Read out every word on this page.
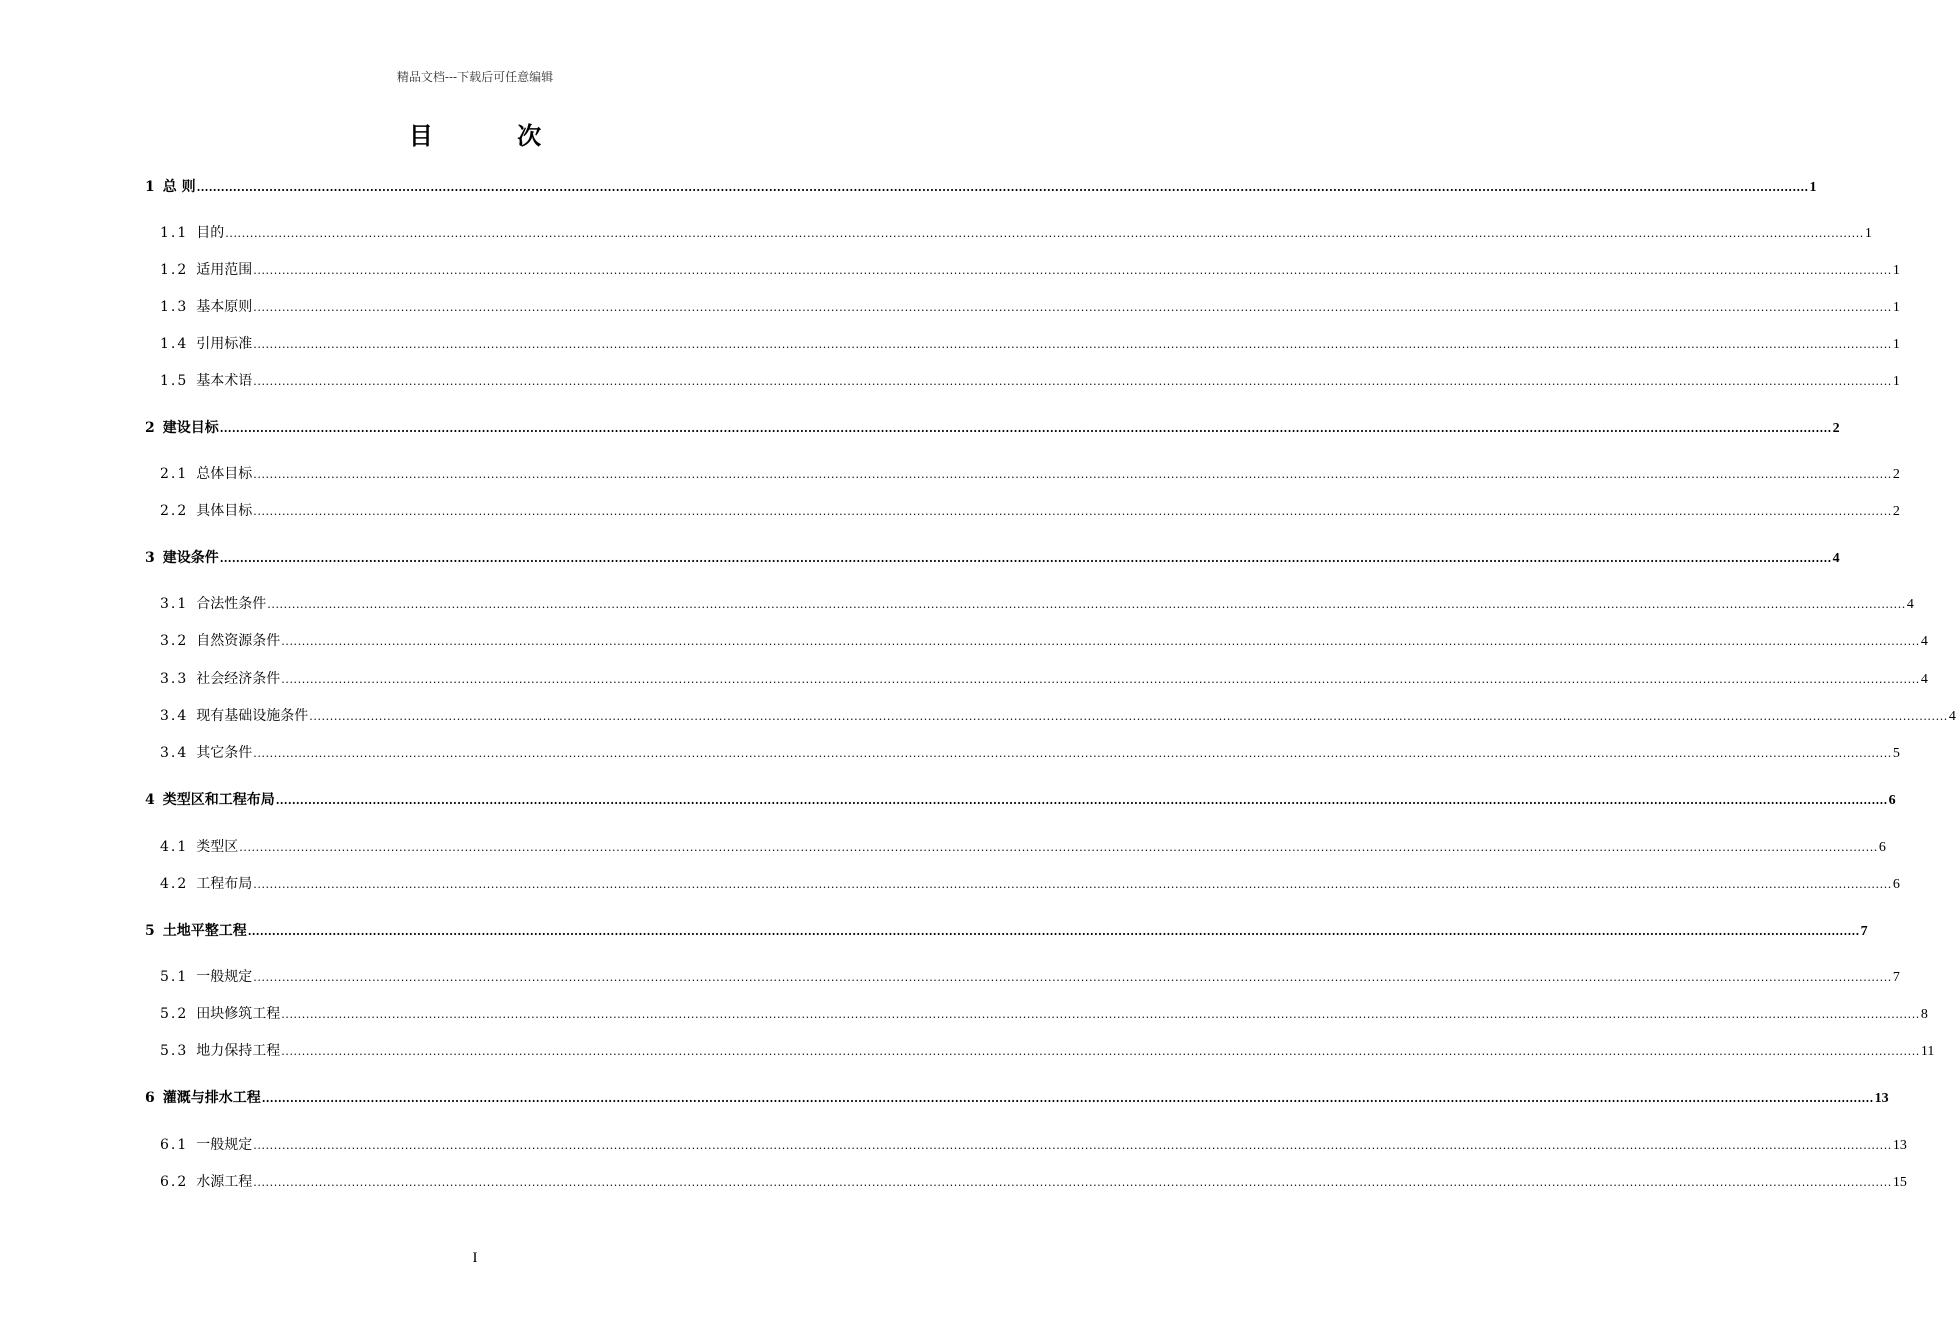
精品文档---下载后可任意编辑
目 次
1 总 则 ................................................................................................................................................................................................................................................................................................................................................................................................................ 1
1.1 目的 ................................................................................................................................................................................................................................................................................................................................................................................................................ 1
1.2 适用范围 ................................................................................................................................................................................................................................................................................................................................................................................................................ 1
1.3 基本原则 ................................................................................................................................................................................................................................................................................................................................................................................................................ 1
1.4 引用标准 ................................................................................................................................................................................................................................................................................................................................................................................................................ 1
1.5 基本术语 ................................................................................................................................................................................................................................................................................................................................................................................................................ 1
2 建设目标 ................................................................................................................................................................................................................................................................................................................................................................................................................ 2
2.1 总体目标 ................................................................................................................................................................................................................................................................................................................................................................................................................ 2
2.2 具体目标 ................................................................................................................................................................................................................................................................................................................................................................................................................ 2
3 建设条件 ................................................................................................................................................................................................................................................................................................................................................................................................................ 4
3.1 合法性条件 ................................................................................................................................................................................................................................................................................................................................................................................................................ 4
3.2 自然资源条件 ................................................................................................................................................................................................................................................................................................................................................................................................................ 4
3.3 社会经济条件 ................................................................................................................................................................................................................................................................................................................................................................................................................ 4
3.4 现有基础设施条件 ................................................................................................................................................................................................................................................................................................................................................................................................................ 4
3.4 其它条件 ................................................................................................................................................................................................................................................................................................................................................................................................................ 5
4 类型区和工程布局 ................................................................................................................................................................................................................................................................................................................................................................................................................ 6
4.1 类型区 ................................................................................................................................................................................................................................................................................................................................................................................................................ 6
4.2 工程布局 ................................................................................................................................................................................................................................................................................................................................................................................................................ 6
5 土地平整工程 ................................................................................................................................................................................................................................................................................................................................................................................................................ 7
5.1 一般规定 ................................................................................................................................................................................................................................................................................................................................................................................................................ 7
5.2 田块修筑工程 ................................................................................................................................................................................................................................................................................................................................................................................................................ 8
5.3 地力保持工程 ................................................................................................................................................................................................................................................................................................................................................................................................................ 11
6 灌溉与排水工程 ................................................................................................................................................................................................................................................................................................................................................................................................................ 13
6.1 一般规定 ................................................................................................................................................................................................................................................................................................................................................................................................................ 13
6.2 水源工程 ................................................................................................................................................................................................................................................................................................................................................................................................................ 15
I
